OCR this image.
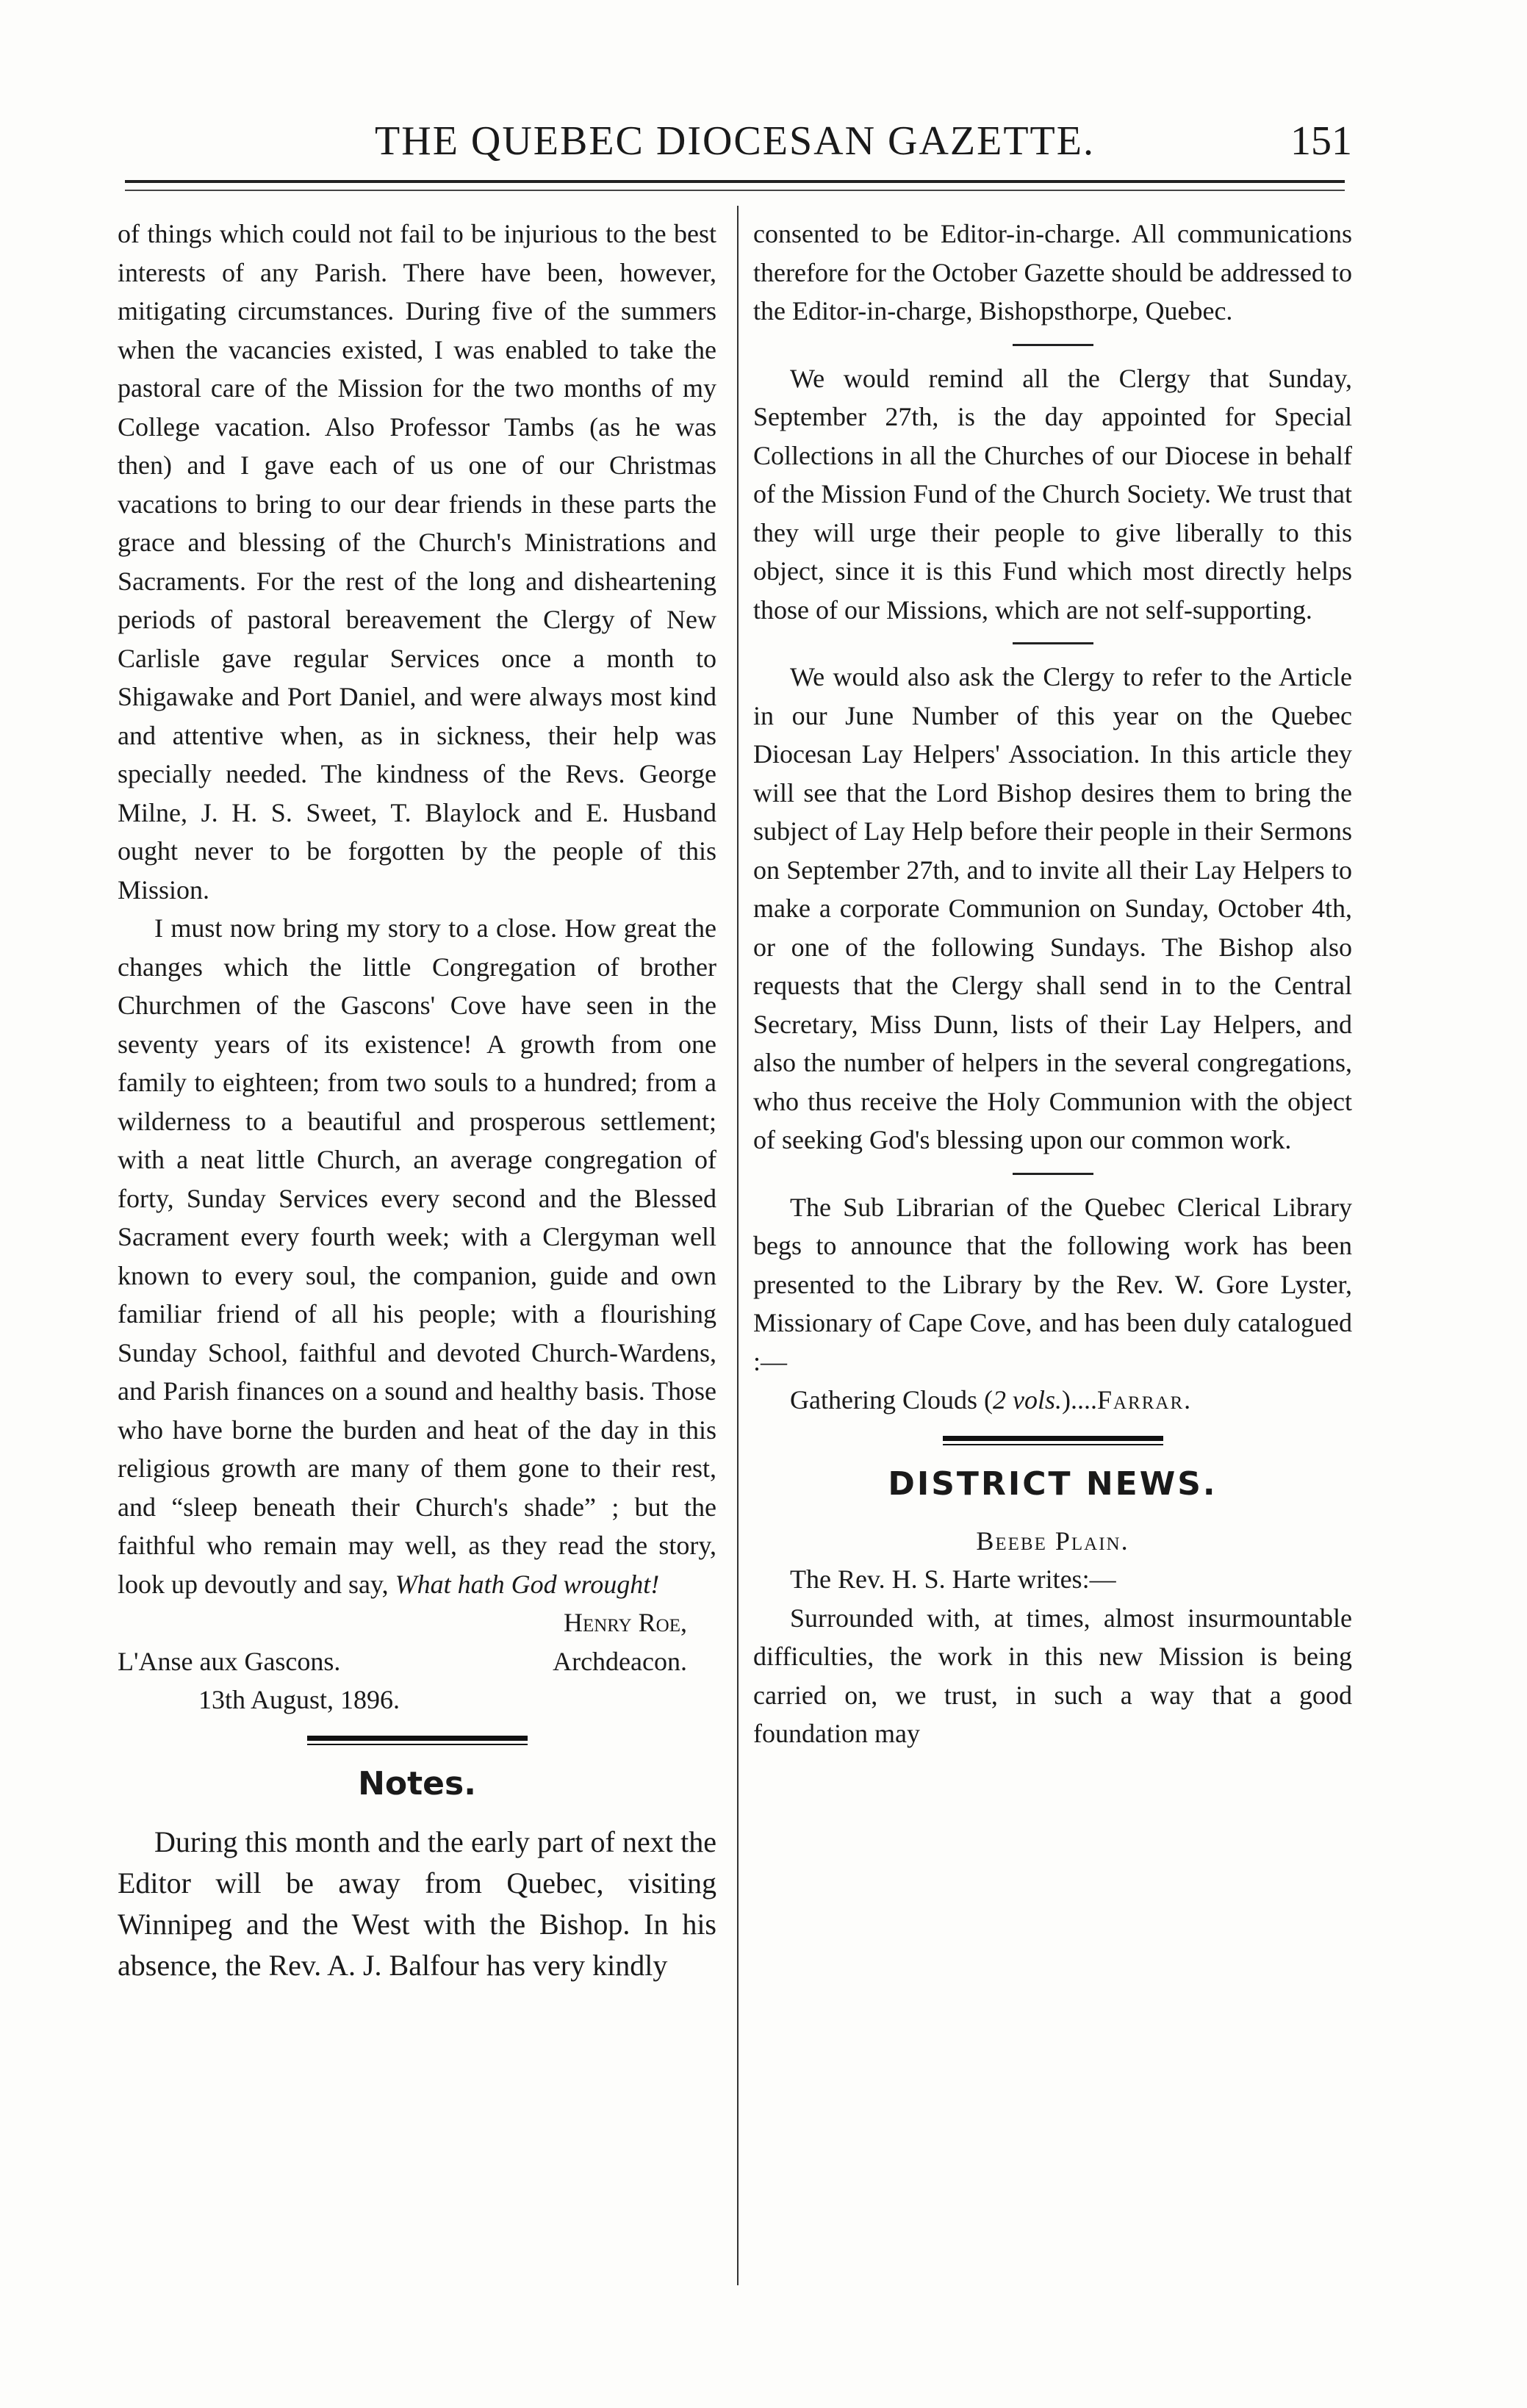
THE QUEBEC DIOCESAN GAZETTE.	151

of things which could not fail to be injurious to the best interests of any Parish. There have been, however, mitigating circumstances. During five of the summers when the vacancies existed, I was enabled to take the pastoral care of the Mission for the two months of my College vacation. Also Professor Tambs (as he was then) and I gave each of us one of our Christmas vacations to bring to our dear friends in these parts the grace and blessing of the Church's Ministrations and Sacraments. For the rest of the long and disheartening periods of pastoral bereavement the Clergy of New Carlisle gave regular Services once a month to Shigawake and Port Daniel, and were always most kind and attentive when, as in sickness, their help was specially needed. The kindness of the Revs. George Milne, J. H. S. Sweet, T. Blaylock and E. Husband ought never to be forgotten by the people of this Mission.

I must now bring my story to a close. How great the changes which the little Congregation of brother Churchmen of the Gascons' Cove have seen in the seventy years of its existence! A growth from one family to eighteen; from two souls to a hundred; from a wilderness to a beautiful and prosperous settlement; with a neat little Church, an average congregation of forty, Sunday Services every second and the Blessed Sacrament every fourth week; with a Clergyman well known to every soul, the companion, guide and own familiar friend of all his people; with a flourishing Sunday School, faithful and devoted Church-Wardens, and Parish finances on a sound and healthy basis. Those who have borne the burden and heat of the day in this religious growth are many of them gone to their rest, and “sleep beneath their Church's shade” ; but the faithful who remain may well, as they read the story, look up devoutly and say, What hath God wrought!

Henry Roe,
L'Anse aux Gascons.	Archdeacon.
13th August, 1896.
Notes.

During this month and the early part of next the Editor will be away from Quebec, visiting Winnipeg and the West with the Bishop. In his absence, the Rev. A. J. Balfour has very kindly

consented to be Editor-in-charge. All communications therefore for the October Gazette should be addressed to the Editor-in-charge, Bishopsthorpe, Quebec.

We would remind all the Clergy that Sunday, September 27th, is the day appointed for Special Collections in all the Churches of our Diocese in behalf of the Mission Fund of the Church Society. We trust that they will urge their people to give liberally to this object, since it is this Fund which most directly helps those of our Missions, which are not self-supporting.

We would also ask the Clergy to refer to the Article in our June Number of this year on the Quebec Diocesan Lay Helpers' Association. In this article they will see that the Lord Bishop desires them to bring the subject of Lay Help before their people in their Sermons on September 27th, and to invite all their Lay Helpers to make a corporate Communion on Sunday, October 4th, or one of the following Sundays. The Bishop also requests that the Clergy shall send in to the Central Secretary, Miss Dunn, lists of their Lay Helpers, and also the number of helpers in the several congregations, who thus receive the Holy Communion with the object of seeking God's blessing upon our common work.

The Sub Librarian of the Quebec Clerical Library begs to announce that the following work has been presented to the Library by the Rev. W. Gore Lyster, Missionary of Cape Cove, and has been duly catalogued :—

Gathering Clouds (2 vols.)....Farrar.

DISTRICT NEWS.
Beebe Plain.

The Rev. H. S. Harte writes:—

Surrounded with, at times, almost insurmountable difficulties, the work in this new Mission is being carried on, we trust, in such a way that a good foundation may
